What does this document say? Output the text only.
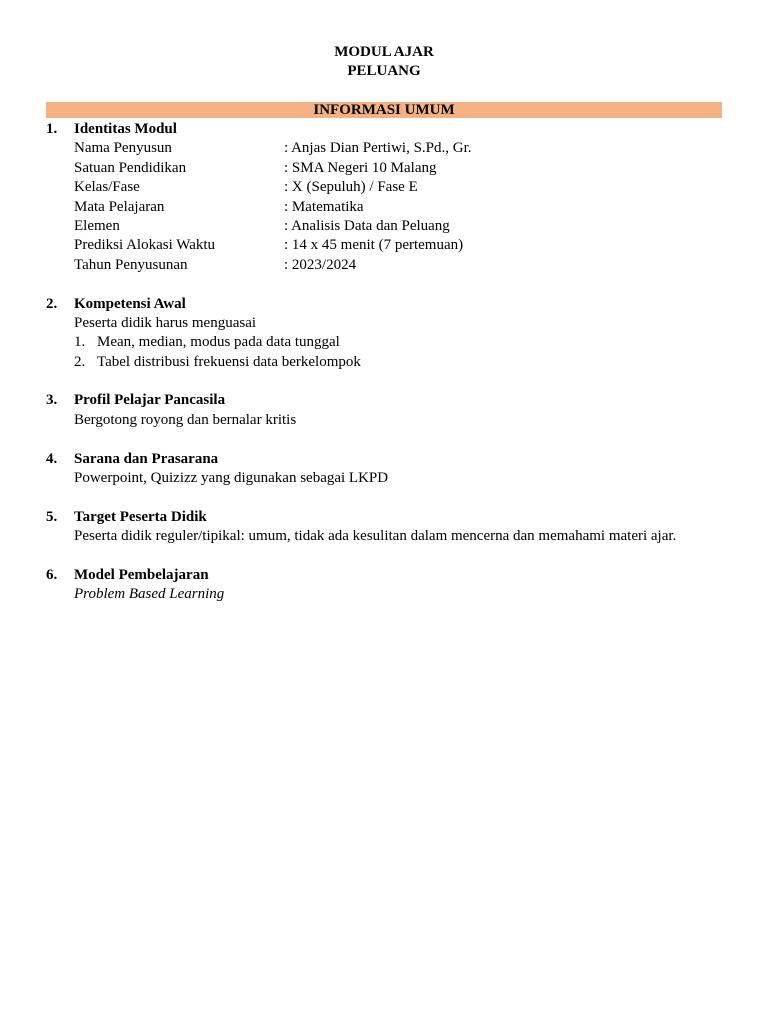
MODUL AJAR
PELUANG
INFORMASI UMUM
1. Identitas Modul
Nama Penyusun	: Anjas Dian Pertiwi, S.Pd., Gr.
Satuan Pendidikan	: SMA Negeri 10 Malang
Kelas/Fase	: X (Sepuluh) / Fase E
Mata Pelajaran	: Matematika
Elemen	: Analisis Data dan Peluang
Prediksi Alokasi Waktu	: 14 x 45 menit (7 pertemuan)
Tahun Penyusunan	: 2023/2024
2. Kompetensi Awal
Peserta didik harus menguasai
1. Mean, median, modus pada data tunggal
2. Tabel distribusi frekuensi data berkelompok
3. Profil Pelajar Pancasila
Bergotong royong dan bernalar kritis
4. Sarana dan Prasarana
Powerpoint, Quizizz yang digunakan sebagai LKPD
5. Target Peserta Didik
Peserta didik reguler/tipikal: umum, tidak ada kesulitan dalam mencerna dan memahami materi ajar.
6. Model Pembelajaran
Problem Based Learning
